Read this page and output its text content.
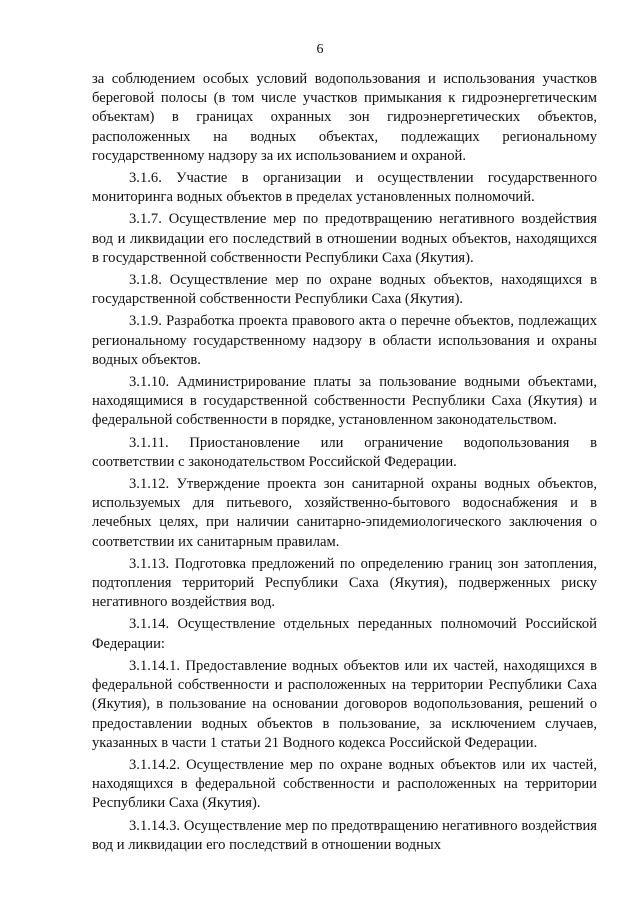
6

за соблюдением особых условий водопользования и использования участков береговой полосы (в том числе участков примыкания к гидроэнергетическим объектам) в границах охранных зон гидроэнергетических объектов, расположенных на водных объектах, подлежащих региональному государственному надзору за их использованием и охраной.

3.1.6. Участие в организации и осуществлении государственного мониторинга водных объектов в пределах установленных полномочий.

3.1.7. Осуществление мер по предотвращению негативного воздействия вод и ликвидации его последствий в отношении водных объектов, находящихся в государственной собственности Республики Саха (Якутия).

3.1.8. Осуществление мер по охране водных объектов, находящихся в государственной собственности Республики Саха (Якутия).

3.1.9. Разработка проекта правового акта о перечне объектов, подлежащих региональному государственному надзору в области использования и охраны водных объектов.

3.1.10. Администрирование платы за пользование водными объектами, находящимися в государственной собственности Республики Саха (Якутия) и федеральной собственности в порядке, установленном законодательством.

3.1.11. Приостановление или ограничение водопользования в соответствии с законодательством Российской Федерации.

3.1.12. Утверждение проекта зон санитарной охраны водных объектов, используемых для питьевого, хозяйственно-бытового водоснабжения и в лечебных целях, при наличии санитарно-эпидемиологического заключения о соответствии их санитарным правилам.

3.1.13. Подготовка предложений по определению границ зон затопления, подтопления территорий Республики Саха (Якутия), подверженных риску негативного воздействия вод.

3.1.14. Осуществление отдельных переданных полномочий Российской Федерации:

3.1.14.1. Предоставление водных объектов или их частей, находящихся в федеральной собственности и расположенных на территории Республики Саха (Якутия), в пользование на основании договоров водопользования, решений о предоставлении водных объектов в пользование, за исключением случаев, указанных в части 1 статьи 21 Водного кодекса Российской Федерации.

3.1.14.2. Осуществление мер по охране водных объектов или их частей, находящихся в федеральной собственности и расположенных на территории Республики Саха (Якутия).

3.1.14.3. Осуществление мер по предотвращению негативного воздействия вод и ликвидации его последствий в отношении водных
